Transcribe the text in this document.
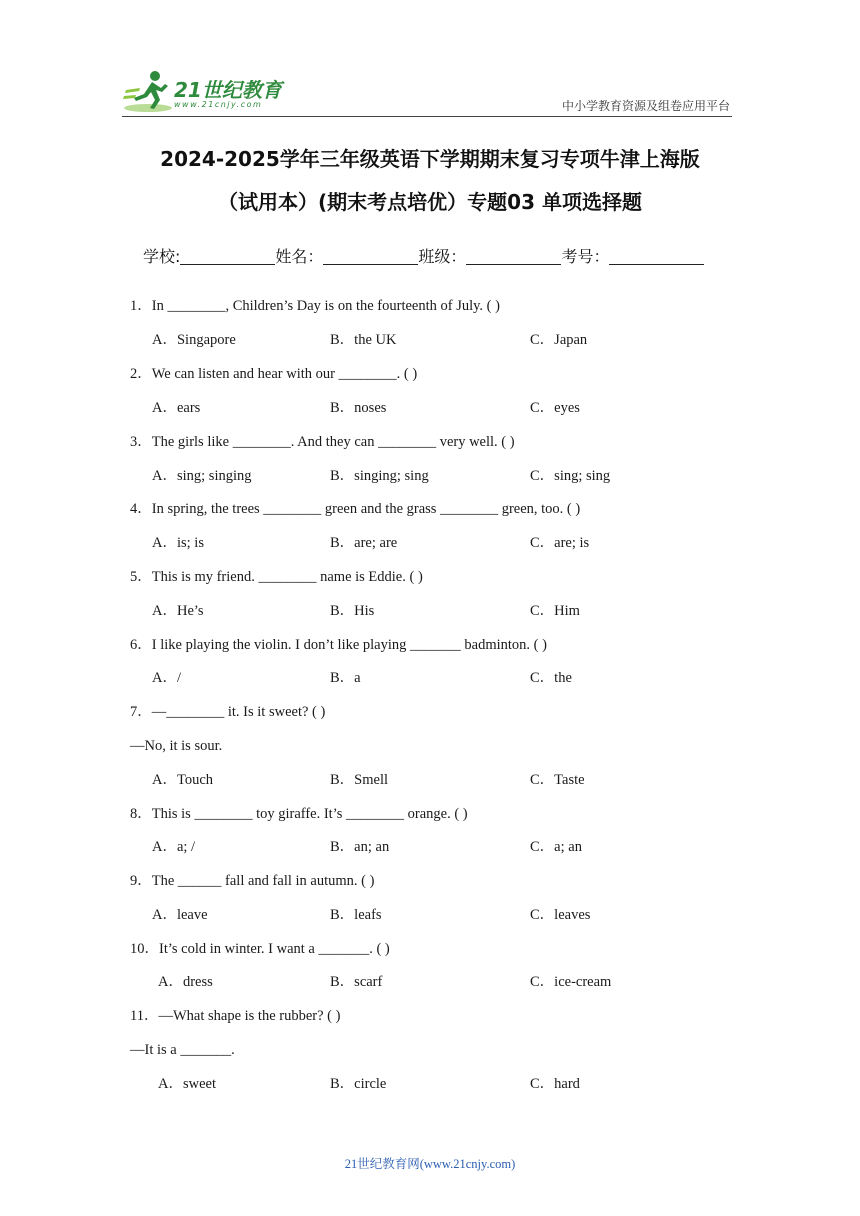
21世纪教育
www.21cnjy.com	中小学教育资源及组卷应用平台
2024-2025学年三年级英语下学期期末复习专项牛津上海版
（试用本）(期末考点培优）专题03 单项选择题
学校:	姓名：	班级：	考号：
1．In ________, Children’s Day is on the fourteenth of July. ( )
A．Singapore	B．the UK	C．Japan
2．We can listen and hear with our ________. ( )
A．ears	B．noses	C．eyes
3．The girls like ________. And they can ________ very well. ( )
A．sing; singing	B．singing; sing	C．sing; sing
4．In spring, the trees ________ green and the grass ________ green, too. ( )
A．is; is	B．are; are	C．are; is
5．This is my friend. ________ name is Eddie. ( )
A．He’s	B．His	C．Him
6．I like playing the violin. I don’t like playing _______ badminton. ( )
A．/	B．a	C．the
7．—________ it. Is it sweet? ( )
—No, it is sour.
A．Touch	B．Smell	C．Taste
8．This is ________ toy giraffe. It’s ________ orange. ( )
A．a; /	B．an; an	C．a; an
9．The ______ fall and fall in autumn. ( )
A．leave	B．leafs	C．leaves
10．It’s cold in winter. I want a _______. ( )
A．dress	B．scarf	C．ice-cream
11．—What shape is the rubber? ( )
—It is a _______.
A．sweet	B．circle	C．hard
21世纪教育网(www.21cnjy.com)
